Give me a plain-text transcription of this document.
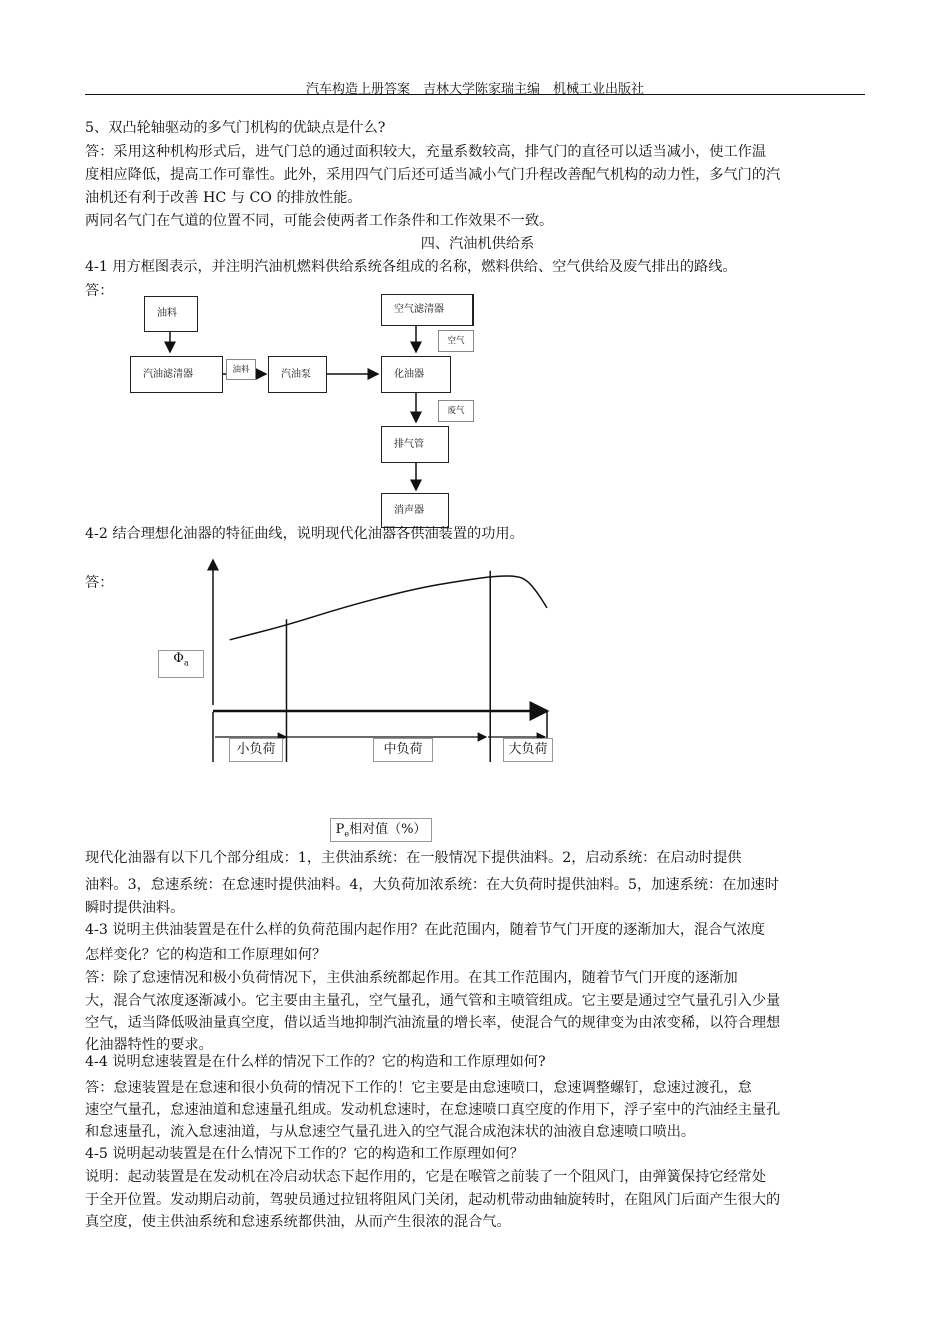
汽车构造上册答案　吉林大学陈家瑞主编　机械工业出版社
5、双凸轮轴驱动的多气门机构的优缺点是什么?
答：采用这种机构形式后，进气门总的通过面积较大，充量系数较高，排气门的直径可以适当减小，使工作温
度相应降低，提高工作可靠性。此外，采用四气门后还可适当减小气门升程改善配气机构的动力性，多气门的汽
油机还有利于改善 HC 与 CO 的排放性能。
两同名气门在气道的位置不同，可能会使两者工作条件和工作效果不一致。
四、汽油机供给系
4-1 用方框图表示，并注明汽油机燃料供给系统各组成的名称，燃料供给、空气供给及废气排出的路线。
答：
油料
汽油滤清器	油料	汽油泵
空气滤清器
空气
化油器
废气
排气管
消声器
4-2 结合理想化油器的特征曲线，说明现代化油器各供油装置的功用。
答：
$\Phi_a$
小负荷	中负荷	大负荷
$P_e$相对值（%）
现代化油器有以下几个部分组成：1，主供油系统：在一般情况下提供油料。2，启动系统：在启动时提供
油料。3，怠速系统：在怠速时提供油料。4，大负荷加浓系统：在大负荷时提供油料。5，加速系统：在加速时
瞬时提供油料。
4-3 说明主供油装置是在什么样的负荷范围内起作用？在此范围内，随着节气门开度的逐渐加大，混合气浓度
怎样变化？它的构造和工作原理如何？
答：除了怠速情况和极小负荷情况下，主供油系统都起作用。在其工作范围内，随着节气门开度的逐渐加
大，混合气浓度逐渐减小。它主要由主量孔，空气量孔，通气管和主喷管组成。它主要是通过空气量孔引入少量
空气，适当降低吸油量真空度，借以适当地抑制汽油流量的增长率，使混合气的规律变为由浓变稀，以符合理想
化油器特性的要求。
4-4 说明怠速装置是在什么样的情况下工作的？它的构造和工作原理如何?
答：怠速装置是在怠速和很小负荷的情况下工作的！它主要是由怠速喷口，怠速调整螺钉，怠速过渡孔，怠
速空气量孔，怠速油道和怠速量孔组成。发动机怠速时，在怠速喷口真空度的作用下，浮子室中的汽油经主量孔
和怠速量孔，流入怠速油道，与从怠速空气量孔进入的空气混合成泡沫状的油液自怠速喷口喷出。
4-5 说明起动装置是在什么情况下工作的？它的构造和工作原理如何？
说明：起动装置是在发动机在冷启动状态下起作用的，它是在喉管之前装了一个阻风门，由弹簧保持它经常处
于全开位置。发动期启动前，驾驶员通过拉钮将阻风门关闭，起动机带动曲轴旋转时，在阻风门后面产生很大的
真空度，使主供油系统和怠速系统都供油，从而产生很浓的混合气。
